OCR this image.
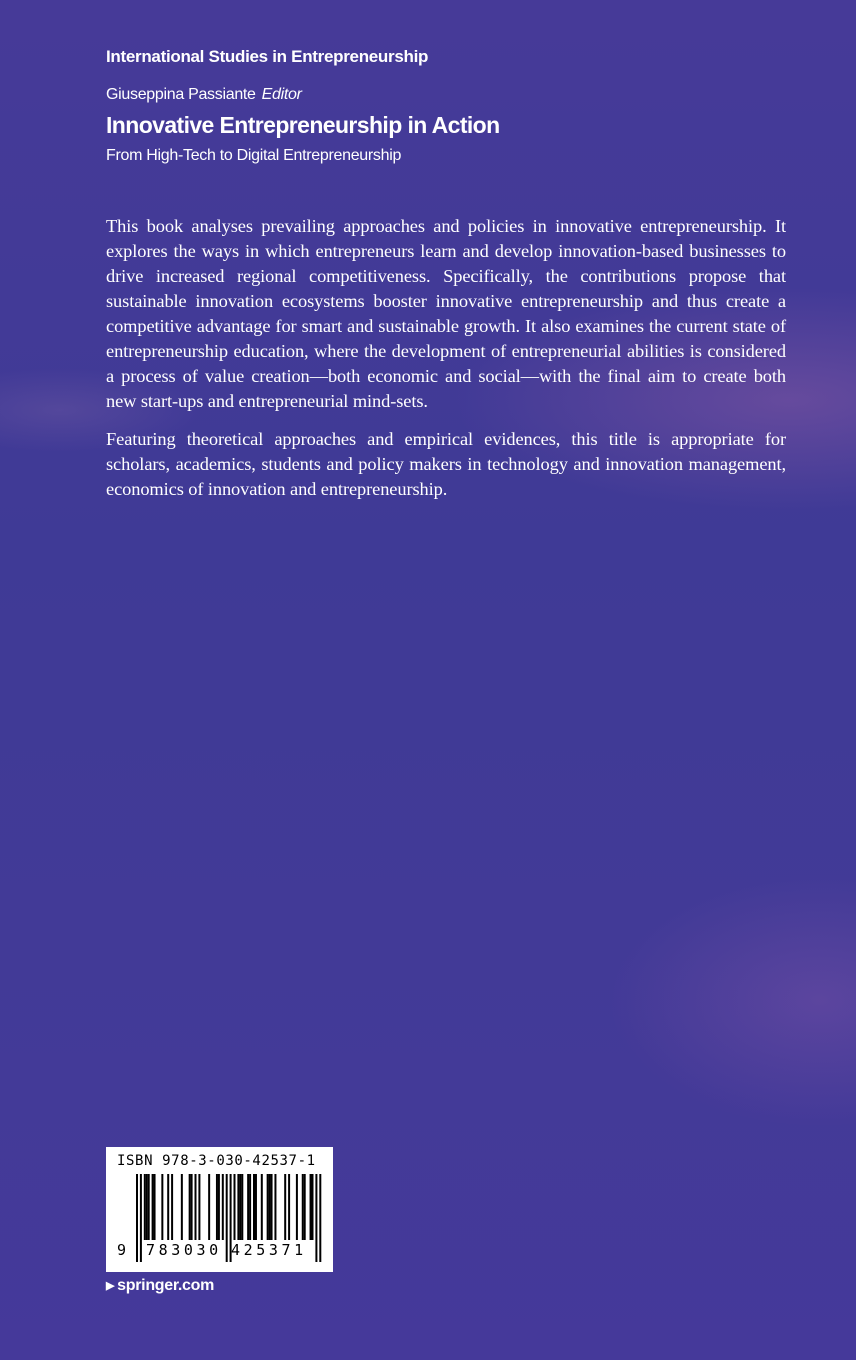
International Studies in Entrepreneurship
Giuseppina Passiante Editor
Innovative Entrepreneurship in Action
From High-Tech to Digital Entrepreneurship

This book analyses prevailing approaches and policies in innovative entrepreneurship. It explores the ways in which entrepreneurs learn and develop innovation-based businesses to drive increased regional competitiveness. Specifically, the contributions propose that sustainable innovation ecosystems booster innovative entrepreneurship and thus create a competitive advantage for smart and sustainable growth. It also examines the current state of entrepreneurship education, where the development of entrepreneurial abilities is considered a process of value creation—both economic and social—with the final aim to create both new start-ups and entrepreneurial mind-sets.

Featuring theoretical approaches and empirical evidences, this title is appropriate for scholars, academics, students and policy makers in technology and innovation management, economics of innovation and entrepreneurship.

ISBN 978-3-030-42537-1
9 783030 425371
▶ springer.com
